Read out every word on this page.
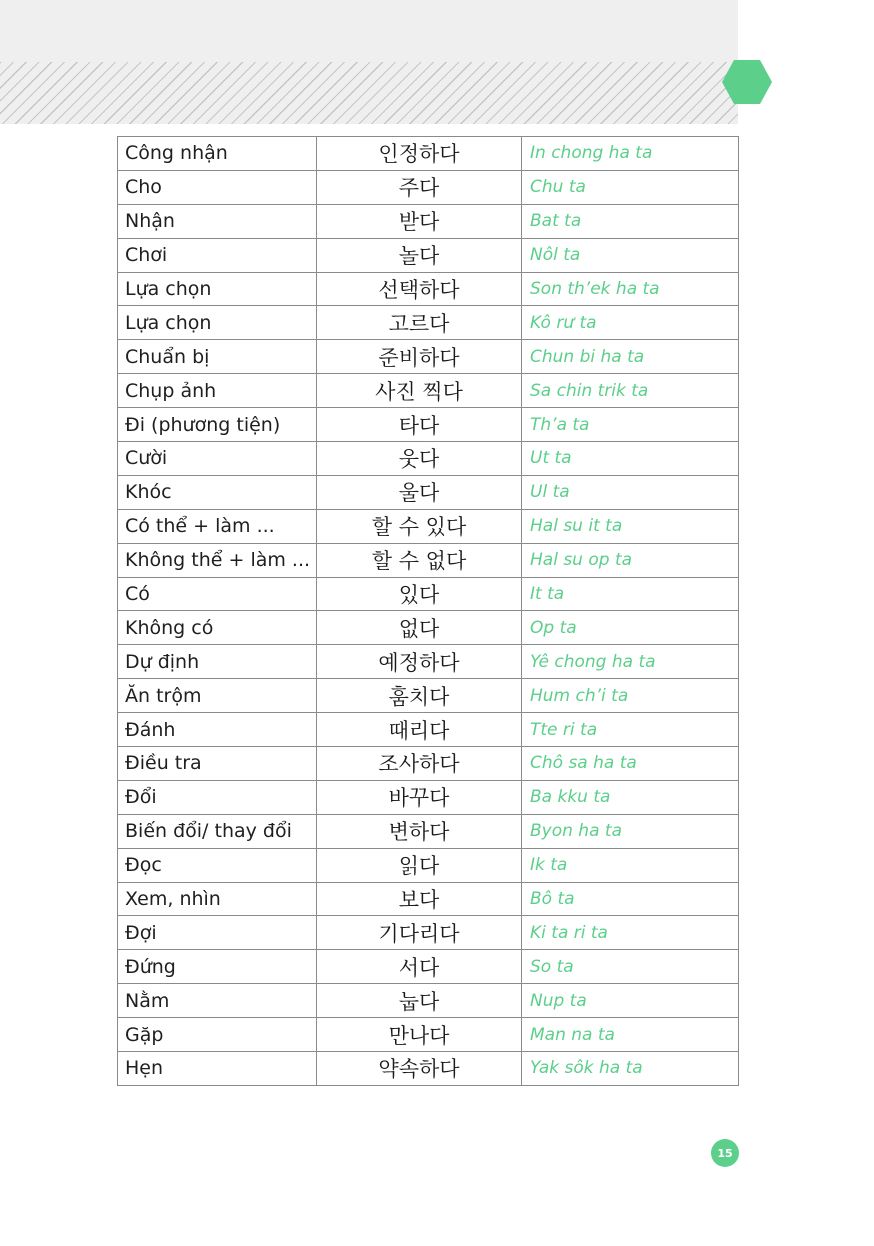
Công nhận	인정하다	In chong ha ta
Cho	주다	Chu ta
Nhận	받다	Bat ta
Chơi	놀다	Nôl ta
Lựa chọn	선택하다	Son th’ek ha ta
Lựa chọn	고르다	Kô rư ta
Chuẩn bị	준비하다	Chun bi ha ta
Chụp ảnh	사진 찍다	Sa chin trik ta
Đi (phương tiện)	타다	Th’a ta
Cười	웃다	Ut ta
Khóc	울다	Ul ta
Có thể + làm ...	할 수 있다	Hal su it ta
Không thể + làm ...	할 수 없다	Hal su op ta
Có	있다	It ta
Không có	없다	Op ta
Dự định	예정하다	Yê chong ha ta
Ăn trộm	훔치다	Hum ch’i ta
Đánh	때리다	Tte ri ta
Điều tra	조사하다	Chô sa ha ta
Đổi	바꾸다	Ba kku ta
Biến đổi/ thay đổi	변하다	Byon ha ta
Đọc	읽다	Ik ta
Xem, nhìn	보다	Bô ta
Đợi	기다리다	Ki ta ri ta
Đứng	서다	So ta
Nằm	눕다	Nup ta
Gặp	만나다	Man na ta
Hẹn	약속하다	Yak sôk ha ta
15
